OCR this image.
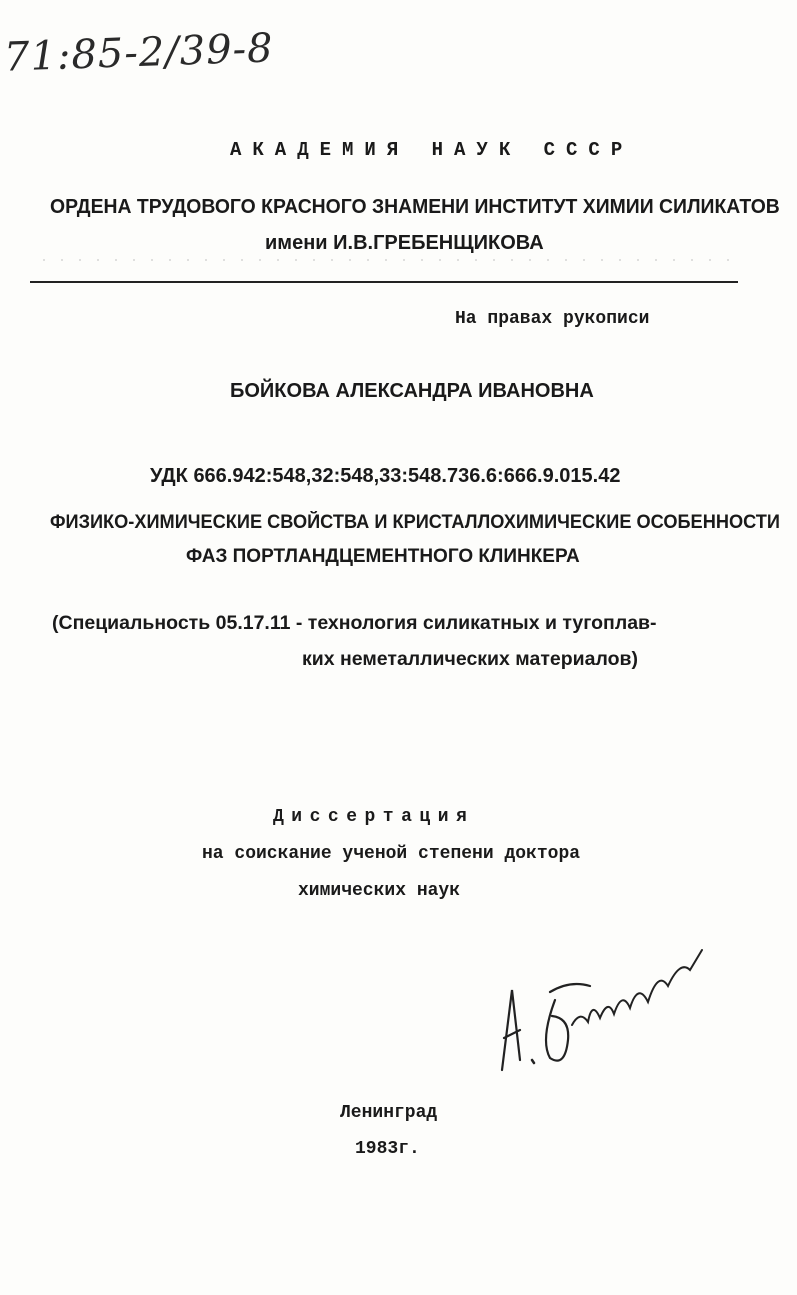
71:85-2/39-8
АКАДЕМИЯ НАУК СССР
ОРДЕНА ТРУДОВОГО КРАСНОГО ЗНАМЕНИ ИНСТИТУТ ХИМИИ СИЛИКАТОВ
имени И.В.ГРЕБЕНЩИКОВА
На правах рукописи
БОЙКОВА АЛЕКСАНДРА ИВАНОВНА
УДК 666.942:548,32:548,33:548.736.6:666.9.015.42
ФИЗИКО-ХИМИЧЕСКИЕ СВОЙСТВА И КРИСТАЛЛОХИМИЧЕСКИЕ ОСОБЕННОСТИ
ФАЗ ПОРТЛАНДЦЕМЕНТНОГО КЛИНКЕРА
(Специальность 05.17.11 - технология силикатных и тугоплав-
ких неметаллических материалов)
Диссертация
на соискание ученой степени доктора
химических наук
Ленинград
1983г.
